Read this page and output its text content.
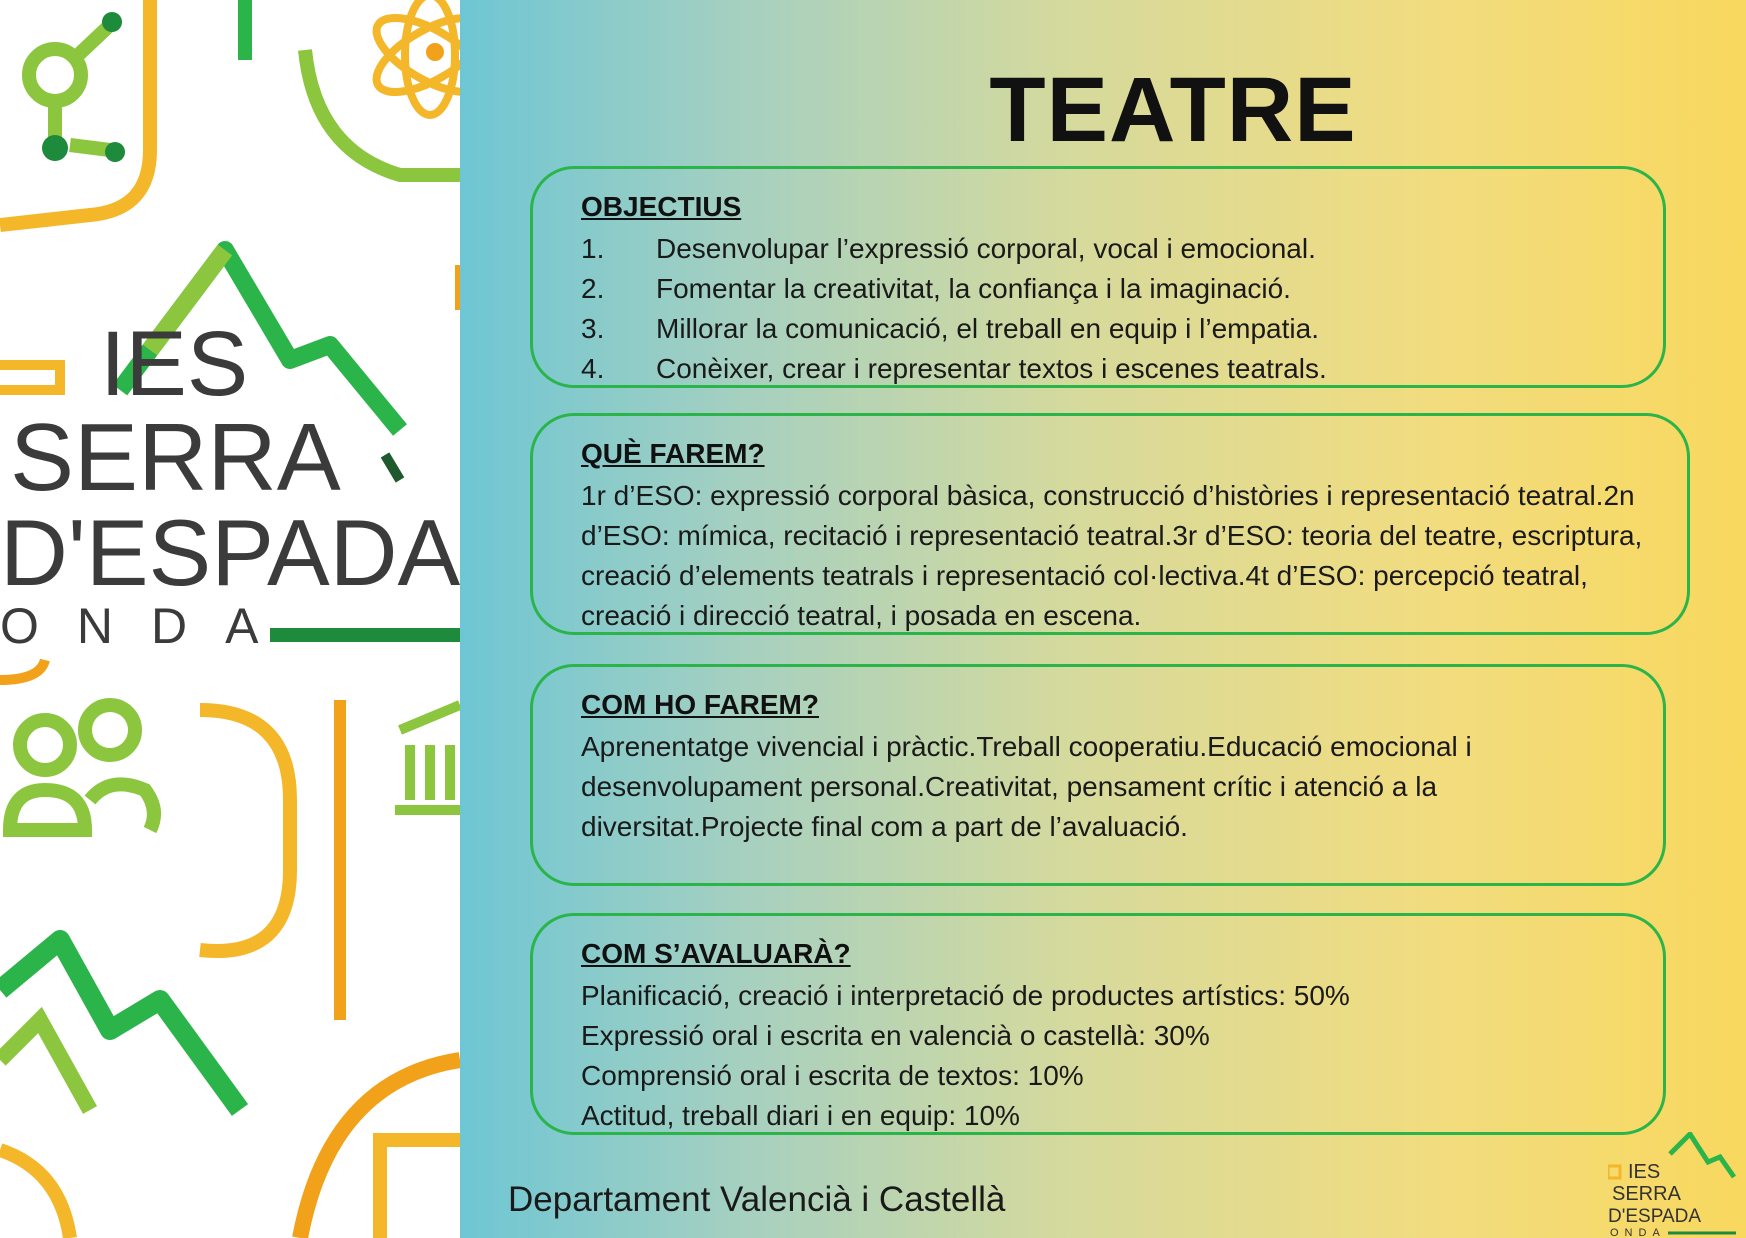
IES
SERRA
D'ESPADA
ONDA
TEATRE
OBJECTIUS
1.	Desenvolupar l’expressió corporal, vocal i emocional.
2.	Fomentar la creativitat, la confiança i la imaginació.
3.	Millorar la comunicació, el treball en equip i l’empatia.
4.	Conèixer, crear i representar textos i escenes teatrals.
QUÈ FAREM?

1r d’ESO: expressió corporal bàsica, construcció d’històries i representació teatral.2n d’ESO: mímica, recitació i representació teatral.3r d’ESO: teoria del teatre, escriptura, creació d’elements teatrals i representació col·lectiva.4t d’ESO: percepció teatral, creació i direcció teatral, i posada en escena.

COM HO FAREM?

Aprenentatge vivencial i pràctic.Treball cooperatiu.Educació emocional i desenvolupament personal.Creativitat, pensament crític i atenció a la diversitat.Projecte final com a part de l’avaluació.

COM S’AVALUARÀ?

Planificació, creació i interpretació de productes artístics: 50%

Expressió oral i escrita en valencià o castellà: 30%

Comprensió oral i escrita de textos: 10%

Actitud, treball diari i en equip: 10%

Departament Valencià i Castellà
IES
SERRA
D'ESPADA
ONDA
